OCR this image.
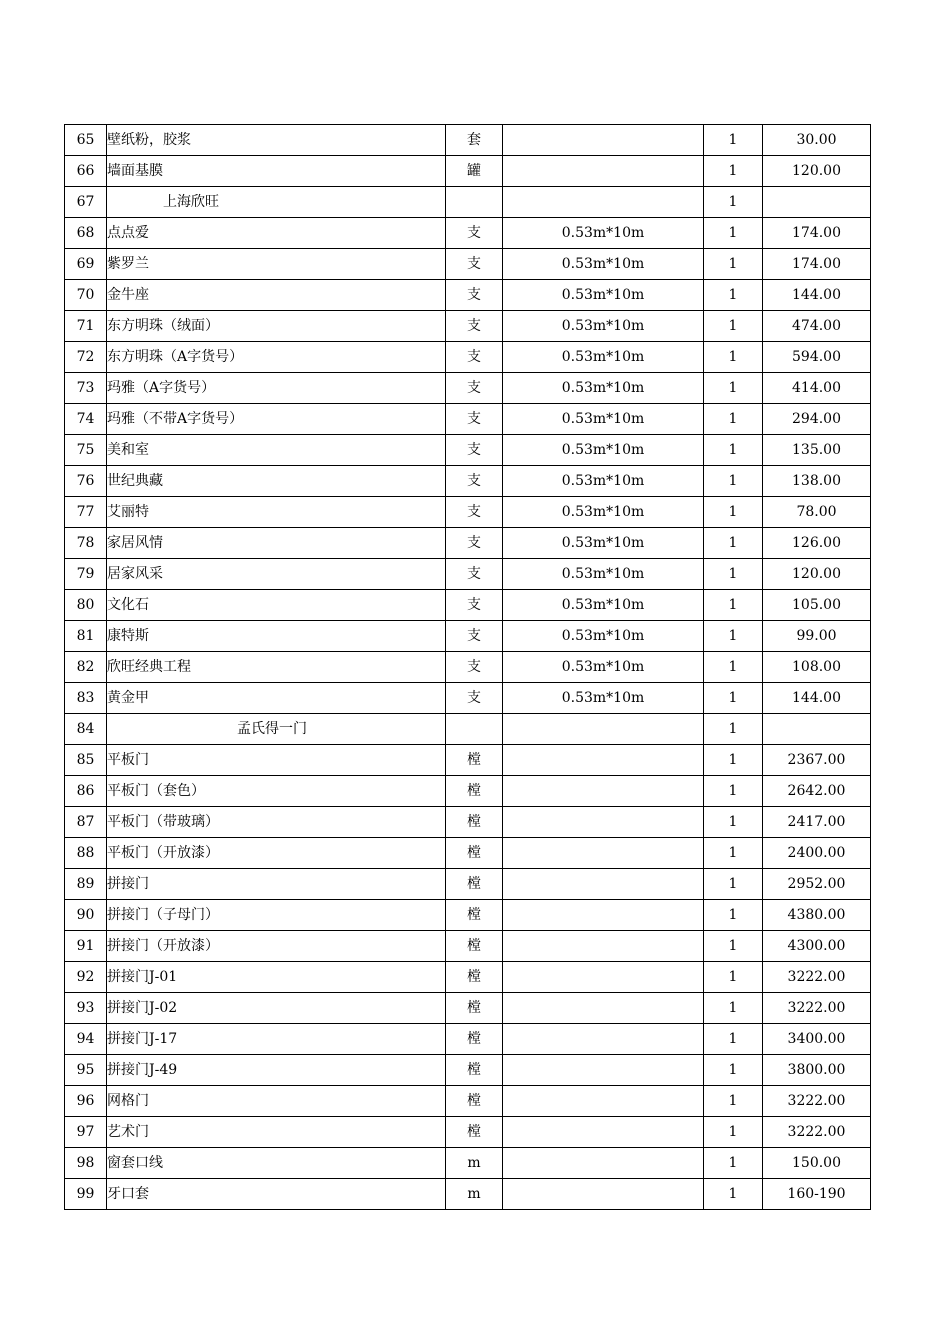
65	壁纸粉，胶浆	套		1	30.00
66	墙面基膜	罐		1	120.00
67	上海欣旺			1	
68	点点爱	支	0.53m*10m	1	174.00
69	紫罗兰	支	0.53m*10m	1	174.00
70	金牛座	支	0.53m*10m	1	144.00
71	东方明珠（绒面）	支	0.53m*10m	1	474.00
72	东方明珠（A字货号）	支	0.53m*10m	1	594.00
73	玛雅（A字货号）	支	0.53m*10m	1	414.00
74	玛雅（不带A字货号）	支	0.53m*10m	1	294.00
75	美和室	支	0.53m*10m	1	135.00
76	世纪典藏	支	0.53m*10m	1	138.00
77	艾丽特	支	0.53m*10m	1	78.00
78	家居风情	支	0.53m*10m	1	126.00
79	居家风采	支	0.53m*10m	1	120.00
80	文化石	支	0.53m*10m	1	105.00
81	康特斯	支	0.53m*10m	1	99.00
82	欣旺经典工程	支	0.53m*10m	1	108.00
83	黄金甲	支	0.53m*10m	1	144.00
84	孟氏得一门			1	
85	平板门	樘		1	2367.00
86	平板门（套色）	樘		1	2642.00
87	平板门（带玻璃）	樘		1	2417.00
88	平板门（开放漆）	樘		1	2400.00
89	拼接门	樘		1	2952.00
90	拼接门（子母门）	樘		1	4380.00
91	拼接门（开放漆）	樘		1	4300.00
92	拼接门J-01	樘		1	3222.00
93	拼接门J-02	樘		1	3222.00
94	拼接门J-17	樘		1	3400.00
95	拼接门J-49	樘		1	3800.00
96	网格门	樘		1	3222.00
97	艺术门	樘		1	3222.00
98	窗套口线	m		1	150.00
99	牙口套	m		1	160-190
